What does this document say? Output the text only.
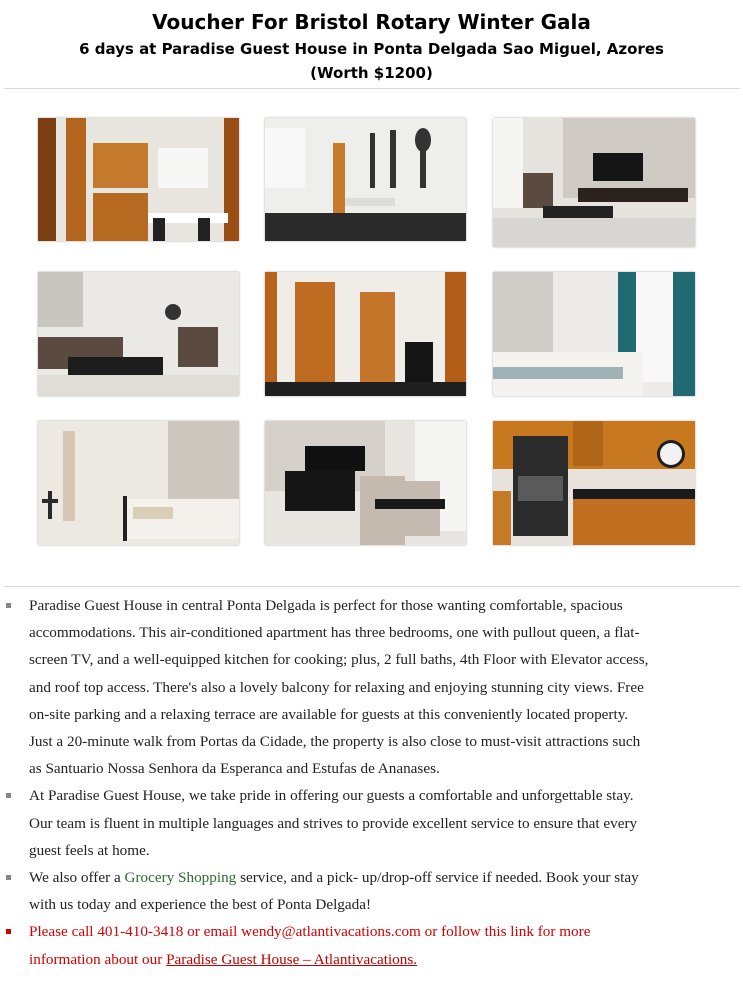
Voucher For Bristol Rotary Winter Gala
6 days at Paradise Guest House in Ponta Delgada Sao Miguel, Azores
(Worth $1200)
Paradise Guest House in central Ponta Delgada is perfect for those wanting comfortable, spacious accommodations. This air-conditioned apartment has three bedrooms, one with pullout queen, a flat-screen TV, and a well-equipped kitchen for cooking; plus, 2 full baths, 4th Floor with Elevator access, and roof top access. There's also a lovely balcony for relaxing and enjoying stunning city views. Free on-site parking and a relaxing terrace are available for guests at this conveniently located property. Just a 20-minute walk from Portas da Cidade, the property is also close to must-visit attractions such as Santuario Nossa Senhora da Esperanca and Estufas de Ananases.
At Paradise Guest House, we take pride in offering our guests a comfortable and unforgettable stay. Our team is fluent in multiple languages and strives to provide excellent service to ensure that every guest feels at home.
We also offer a Grocery Shopping service, and a pick- up/drop-off service if needed. Book your stay with us today and experience the best of Ponta Delgada!
Please call 401-410-3418 or email wendy@atlantivacations.com or follow this link for more information about our Paradise Guest House – Atlantivacations.
